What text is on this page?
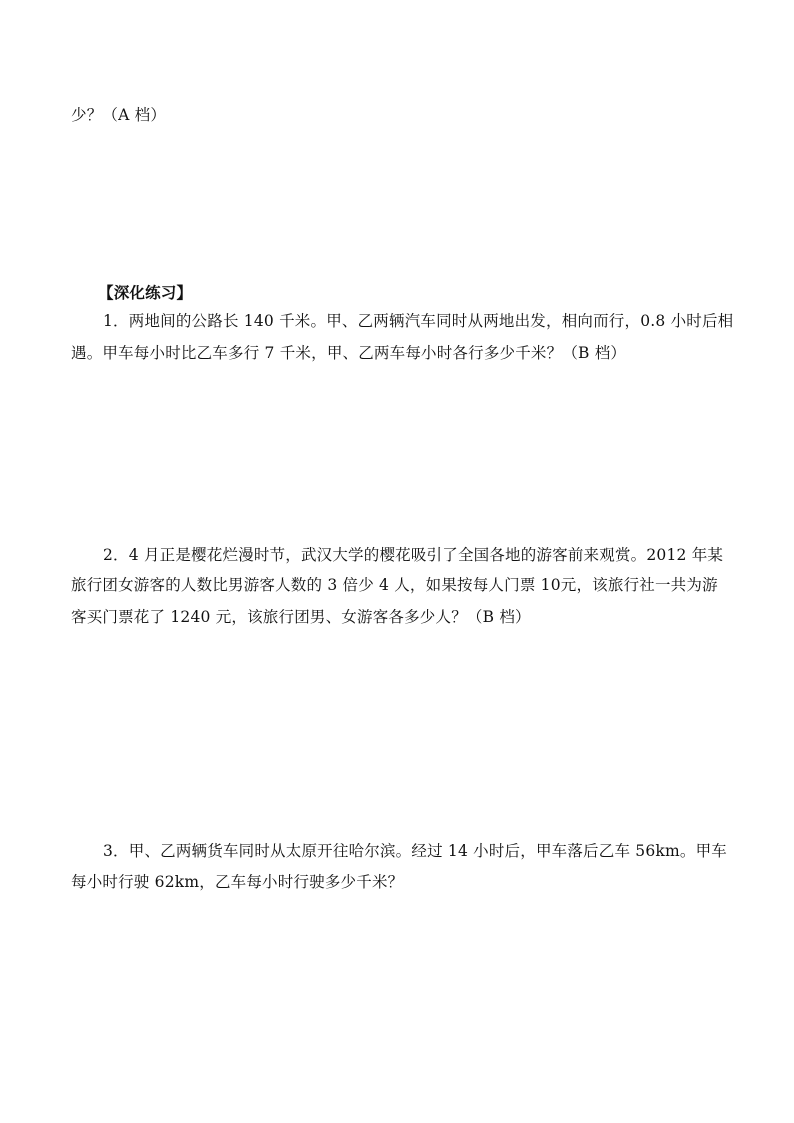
少？（A 档）
【深化练习】
1．两地间的公路长 140 千米。甲、乙两辆汽车同时从两地出发，相向而行，0.8 小时后相
遇。甲车每小时比乙车多行 7 千米，甲、乙两车每小时各行多少千米？（B 档）
2．4 月正是樱花烂漫时节，武汉大学的樱花吸引了全国各地的游客前来观赏。2012 年某
旅行团女游客的人数比男游客人数的 3 倍少 4 人，如果按每人门票 10元，该旅行社一共为游
客买门票花了 1240 元，该旅行团男、女游客各多少人？（B 档）
3．甲、乙两辆货车同时从太原开往哈尔滨。经过 14 小时后，甲车落后乙车 56km。甲车
每小时行驶 62km，乙车每小时行驶多少千米？
